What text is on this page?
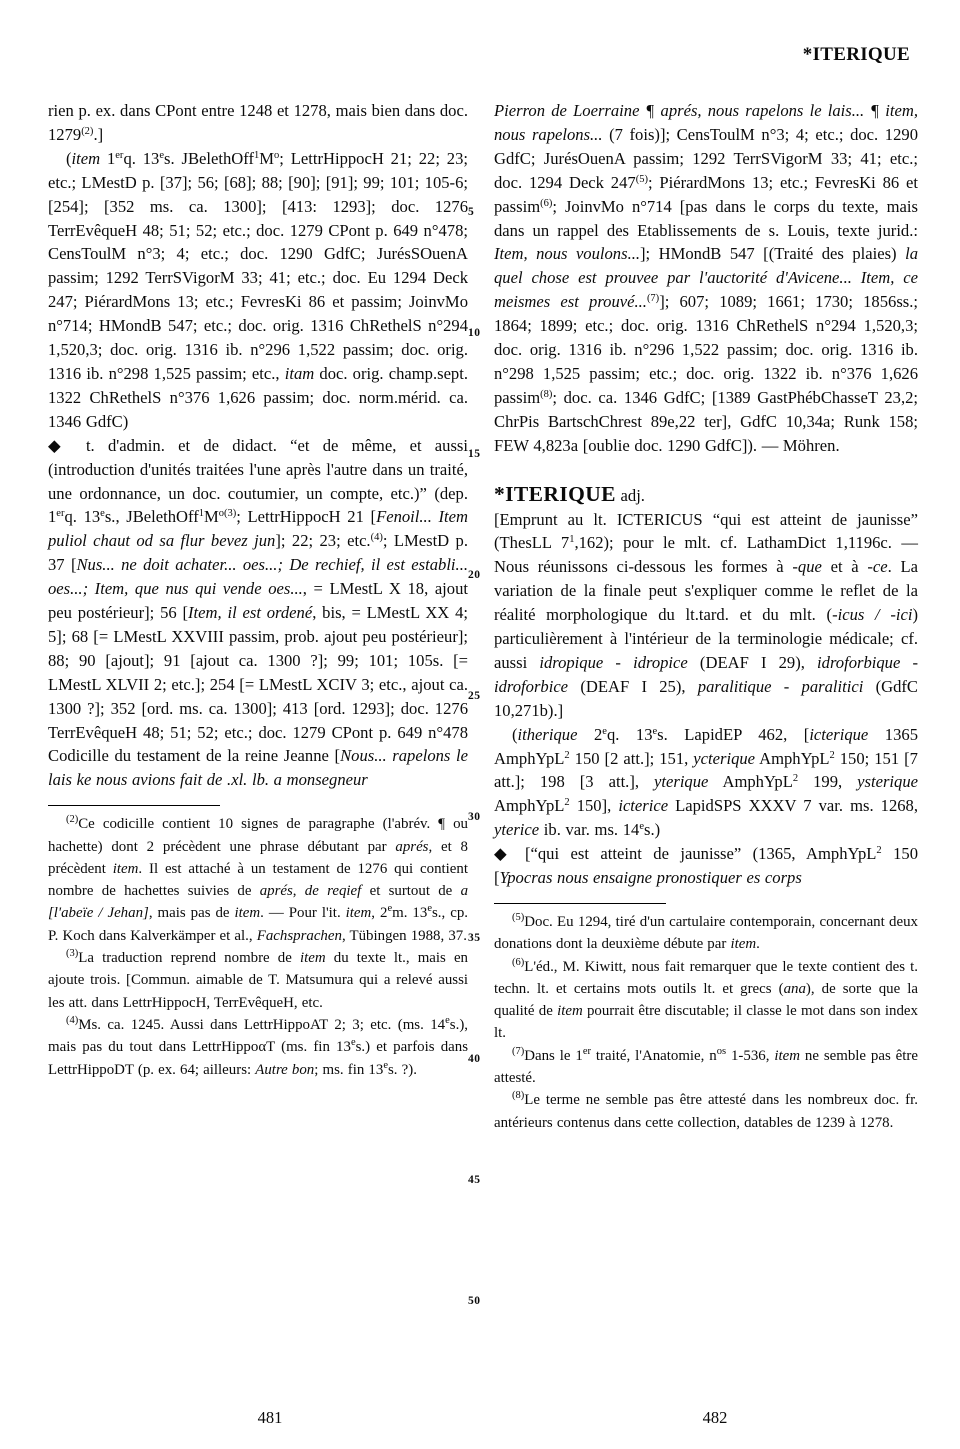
*ITERIQUE

rien p. ex. dans CPont entre 1248 et 1278, mais bien dans doc. 1279$^{(2)}$.]

(item 1erq. 13es. $JBelethOff^1M^o$; LettrHippocH 21; 22; 23; etc.; LMestD p. [37]; 56; [68]; 88; [90]; [91]; 99; 101; 105-6; [254]; [352 ms. ca. 1300]; [413: 1293]; doc. 1276 TerrEvêqueH 48; 51; 52; etc.; doc. 1279 CPont p. 649 n°478; CensToulM n°3; 4; etc.; doc. 1290 GdfC; JurésSOuenA passim; 1292 TerrSVigorM 33; 41; etc.; doc. Eu 1294 Deck 247; PiérardMons 13; etc.; FevresKi 86 et passim; JoinvMo n°714; HMondB 547; etc.; doc. orig. 1316 ChRethelS n°294 1,520,3; doc. orig. 1316 ib. n°296 1,522 passim; doc. orig. 1316 ib. n°298 1,525 passim; etc., itam doc. orig. champ.sept. 1322 ChRethelS n°376 1,626 passim; doc. norm.mérid. ca. 1346 GdfC)

◆ t. d'admin. et de didact. “et de même, et aussi (introduction d'unités traitées l'une après l'autre dans un traité, une ordonnance, un doc. coutumier, un compte, etc.)” (dep. 1erq. 13es., $JBelethOff^1M^{o(3)}$; LettrHippocH 21 [Fenoil... Item puliol chaut od sa flur bevez jun]; 22; 23; etc.$^{(4)}$; LMestD p. 37 [Nus... ne doit achater... oes...; De rechief, il est establi... oes...; Item, que nus qui vende oes..., = LMestL X 18, ajout peu postérieur]; 56 [Item, il est ordené, bis, = LMestL XX 4; 5]; 68 [= LMestL XXVIII passim, prob. ajout peu postérieur]; 88; 90 [ajout]; 91 [ajout ca. 1300 ?]; 99; 101; 105s. [= LMestL XLVII 2; etc.]; 254 [= LMestL XCIV 3; etc., ajout ca. 1300 ?]; 352 [ord. ms. ca. 1300]; 413 [ord. 1293]; doc. 1276 TerrEvêqueH 48; 51; 52; etc.; doc. 1279 CPont p. 649 n°478 Codicille du testament de la reine Jeanne [Nous... rapelons le lais ke nous avions fait de .xl. lb. a monsegneur

$^{(2)}$Ce codicille contient 10 signes de paragraphe (l'abrév. ¶ ou hachette) dont 2 précèdent une phrase débutant par aprés, et 8 précèdent item. Il est attaché à un testament de 1276 qui contient nombre de hachettes suivies de aprés, de reqief et surtout de a [l'abeïe / Jehan], mais pas de item. — Pour l'it. item, 2em. 13es., cp. P. Koch dans Kalverkämper et al., Fachsprachen, Tübingen 1988, 37.

$^{(3)}$La traduction reprend nombre de item du texte lt., mais en ajoute trois. [Commun. aimable de T. Matsumura qui a relevé aussi les att. dans LettrHippocH, TerrEvêqueH, etc.

$^{(4)}$Ms. ca. 1245. Aussi dans LettrHippoAT 2; 3; etc. (ms. 14es.), mais pas du tout dans LettrHippoαT (ms. fin 13es.) et parfois dans LettrHippoDT (p. ex. 64; ailleurs: Autre bon; ms. fin 13es. ?).

5
10
15
20
25
30
35
40
45
50

Pierron de Loerraine ¶ aprés, nous rapelons le lais... ¶ item, nous rapelons... (7 fois)]; CensToulM n°3; 4; etc.; doc. 1290 GdfC; JurésOuenA passim; 1292 TerrSVigorM 33; 41; etc.; doc. 1294 Deck 247$^{(5)}$; PiérardMons 13; etc.; FevresKi 86 et passim$^{(6)}$; JoinvMo n°714 [pas dans le corps du texte, mais dans un rappel des Etablissements de s. Louis, texte jurid.: Item, nous voulons...]; HMondB 547 [(Traité des plaies) la quel chose est prouvee par l'auctorité d'Avicene... Item, ce meismes est prouvé...$^{(7)}$]; 607; 1089; 1661; 1730; 1856ss.; 1864; 1899; etc.; doc. orig. 1316 ChRethelS n°294 1,520,3; doc. orig. 1316 ib. n°296 1,522 passim; doc. orig. 1316 ib. n°298 1,525 passim; etc.; doc. orig. 1322 ib. n°376 1,626 passim$^{(8)}$; doc. ca. 1346 GdfC; [1389 GastPhébChasseT 23,2; ChrPis BartschChrest 89e,22 ter], GdfC 10,34a; Runk 158; FEW 4,823a [oublie doc. 1290 GdfC]). — Möhren.

*ITERIQUE adj.

[Emprunt au lt. ICTERICUS “qui est atteint de jaunisse” (ThesLL $7^1,162$); pour le mlt. cf. LathamDict 1,1196c. — Nous réunissons ci-dessous les formes à -que et à -ce. La variation de la finale peut s'expliquer comme le reflet de la réalité morphologique du lt.tard. et du mlt. (-icus / -ici) particulièrement à l'intérieur de la terminologie médicale; cf. aussi idropique - idropice (DEAF I 29), idroforbique - idroforbice (DEAF I 25), paralitique - paralitici (GdfC 10,271b).]

(itherique 2eq. 13es. LapidEP 462, [icterique 1365 AmphYpL$^2$ 150 [2 att.]; 151, ycterique AmphYpL$^2$ 150; 151 [7 att.]; 198 [3 att.], yterique AmphYpL$^2$ 199, ysterique AmphYpL$^2$ 150], icterice LapidSPS XXXV 7 var. ms. 1268, yterice ib. var. ms. 14es.)

◆ [“qui est atteint de jaunisse” (1365, AmphYpL$^2$ 150 [Ypocras nous ensaigne pronostiquer es corps

$^{(5)}$Doc. Eu 1294, tiré d'un cartulaire contemporain, concernant deux donations dont la deuxième débute par item.

$^{(6)}$L'éd., M. Kiwitt, nous fait remarquer que le texte contient des t. techn. lt. et certains mots outils lt. et grecs (ana), de sorte que la qualité de item pourrait être discutable; il classe le mot dans son index lt.

$^{(7)}$Dans le 1er traité, l'Anatomie, $n^{os}$ 1-536, item ne semble pas être attesté.

$^{(8)}$Le terme ne semble pas être attesté dans les nombreux doc. fr. antérieurs contenus dans cette collection, datables de 1239 à 1278.

481	482
